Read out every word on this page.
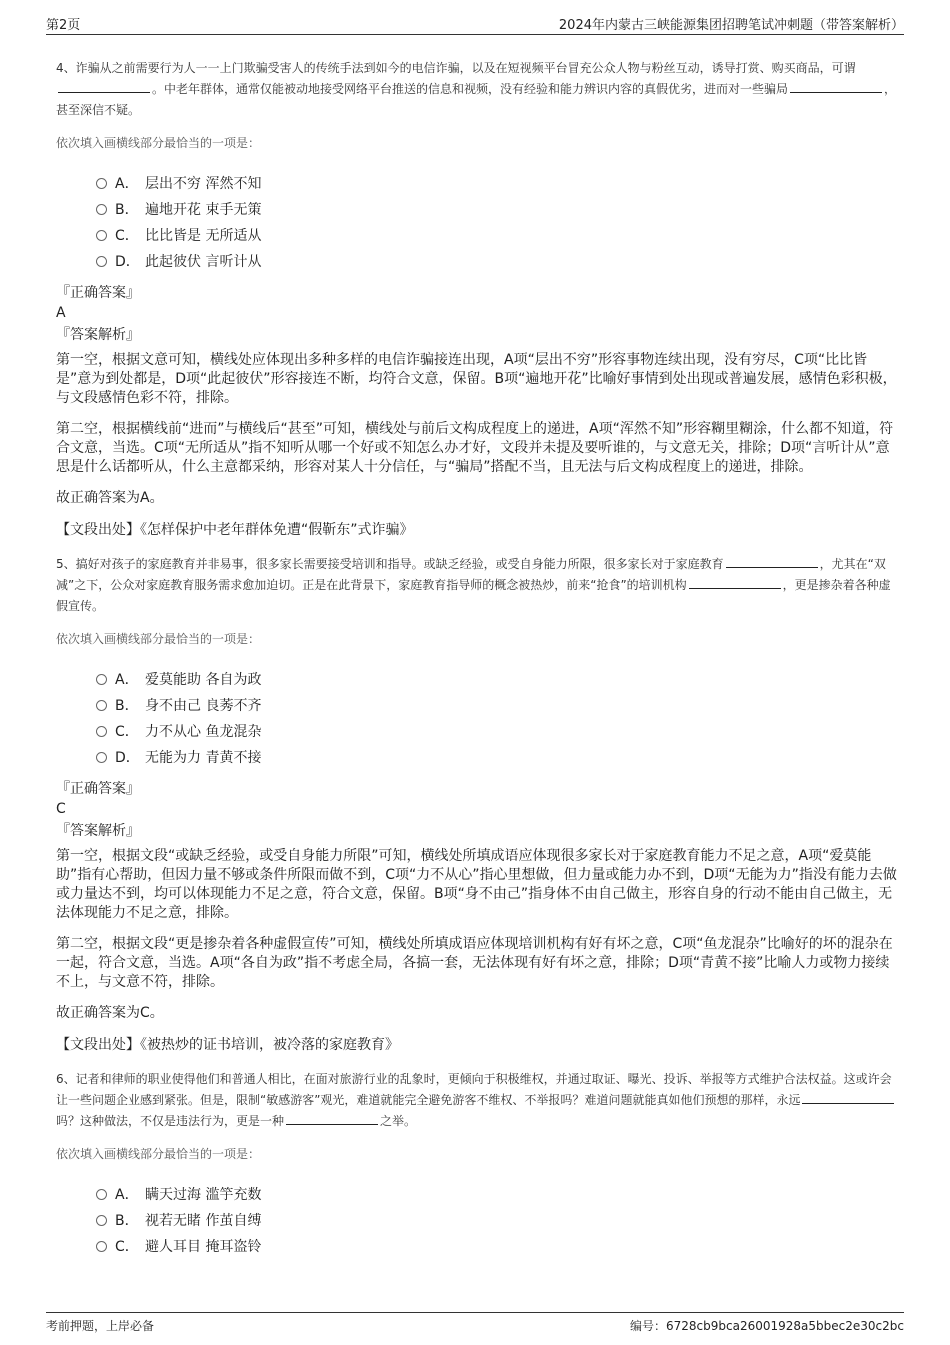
第2页	2024年内蒙古三峡能源集团招聘笔试冲刺题（带答案解析）

4、诈骗从之前需要行为人一一上门欺骗受害人的传统手法到如今的电信诈骗，以及在短视频平台冒充公众人物与粉丝互动，诱导打赏、购买商品，可谓。中老年群体，通常仅能被动地接受网络平台推送的信息和视频，没有经验和能力辨识内容的真假优劣，进而对一些骗局	，甚至深信不疑。

依次填入画横线部分最恰当的一项是：

A． 层出不穷 浑然不知
B． 遍地开花 束手无策
C． 比比皆是 无所适从
D． 此起彼伏 言听计从
『正确答案』
A
『答案解析』

第一空，根据文意可知，横线处应体现出多种多样的电信诈骗接连出现，A项“层出不穷”形容事物连续出现，没有穷尽，C项“比比皆是”意为到处都是，D项“此起彼伏”形容接连不断，均符合文意，保留。B项“遍地开花”比喻好事情到处出现或普遍发展，感情色彩积极，与文段感情色彩不符，排除。

第二空，根据横线前“进而”与横线后“甚至”可知，横线处与前后文构成程度上的递进，A项“浑然不知”形容糊里糊涂，什么都不知道，符合文意，当选。C项“无所适从”指不知听从哪一个好或不知怎么办才好，文段并未提及要听谁的，与文意无关，排除；D项“言听计从”意思是什么话都听从，什么主意都采纳，形容对某人十分信任，与“骗局”搭配不当，且无法与后文构成程度上的递进，排除。

故正确答案为A。

【文段出处】《怎样保护中老年群体免遭“假靳东”式诈骗》

5、搞好对孩子的家庭教育并非易事，很多家长需要接受培训和指导。或缺乏经验，或受自身能力所限，很多家长对于家庭教育	，尤其在“双减”之下，公众对家庭教育服务需求愈加迫切。正是在此背景下，家庭教育指导师的概念被热炒，前来“抢食”的培训机构	，更是掺杂着各种虚假宣传。

依次填入画横线部分最恰当的一项是：

A． 爱莫能助 各自为政
B． 身不由己 良莠不齐
C． 力不从心 鱼龙混杂
D． 无能为力 青黄不接
『正确答案』
C
『答案解析』

第一空，根据文段“或缺乏经验，或受自身能力所限”可知，横线处所填成语应体现很多家长对于家庭教育能力不足之意，A项“爱莫能助”指有心帮助，但因力量不够或条件所限而做不到，C项“力不从心”指心里想做，但力量或能力办不到，D项“无能为力”指没有能力去做或力量达不到，均可以体现能力不足之意，符合文意，保留。B项“身不由己”指身体不由自己做主，形容自身的行动不能由自己做主，无法体现能力不足之意，排除。

第二空，根据文段“更是掺杂着各种虚假宣传”可知，横线处所填成语应体现培训机构有好有坏之意，C项“鱼龙混杂”比喻好的坏的混杂在一起，符合文意，当选。A项“各自为政”指不考虑全局，各搞一套，无法体现有好有坏之意，排除；D项“青黄不接”比喻人力或物力接续不上，与文意不符，排除。

故正确答案为C。

【文段出处】《被热炒的证书培训，被冷落的家庭教育》

6、记者和律师的职业使得他们和普通人相比，在面对旅游行业的乱象时，更倾向于积极维权，并通过取证、曝光、投诉、举报等方式维护合法权益。这或许会让一些问题企业感到紧张。但是，限制“敏感游客”观光，难道就能完全避免游客不维权、不举报吗？难道问题就能真如他们预想的那样，永远吗？这种做法，不仅是违法行为，更是一种	之举。

依次填入画横线部分最恰当的一项是：

A． 瞒天过海 滥竽充数
B． 视若无睹 作茧自缚
C． 避人耳目 掩耳盗铃
考前押题，上岸必备	编号：6728cb9bca26001928a5bbec2e30c2bc
